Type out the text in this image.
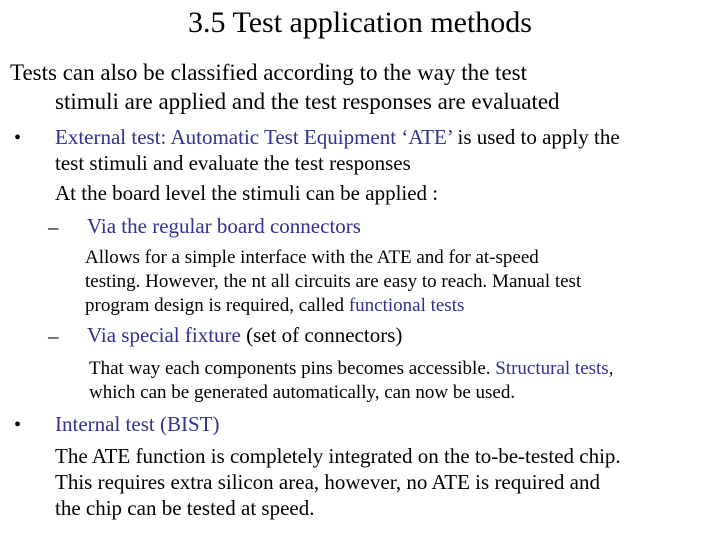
3.5 Test application methods
Tests can also be classified according to the way the test
stimuli are applied and the test responses are evaluated
• External test: Automatic Test Equipment ‘ATE’ is used to apply the
test stimuli and evaluate the test responses
At the board level the stimuli can be applied :
– Via the regular board connectors
Allows for a simple interface with the ATE and for at-speed
testing. However, the nt all circuits are easy to reach. Manual test
program design is required, called functional tests
– Via special fixture (set of connectors)
That way each components pins becomes accessible. Structural tests,
which can be generated automatically, can now be used.
• Internal test (BIST)
The ATE function is completely integrated on the to-be-tested chip.
This requires extra silicon area, however, no ATE is required and
the chip can be tested at speed.
